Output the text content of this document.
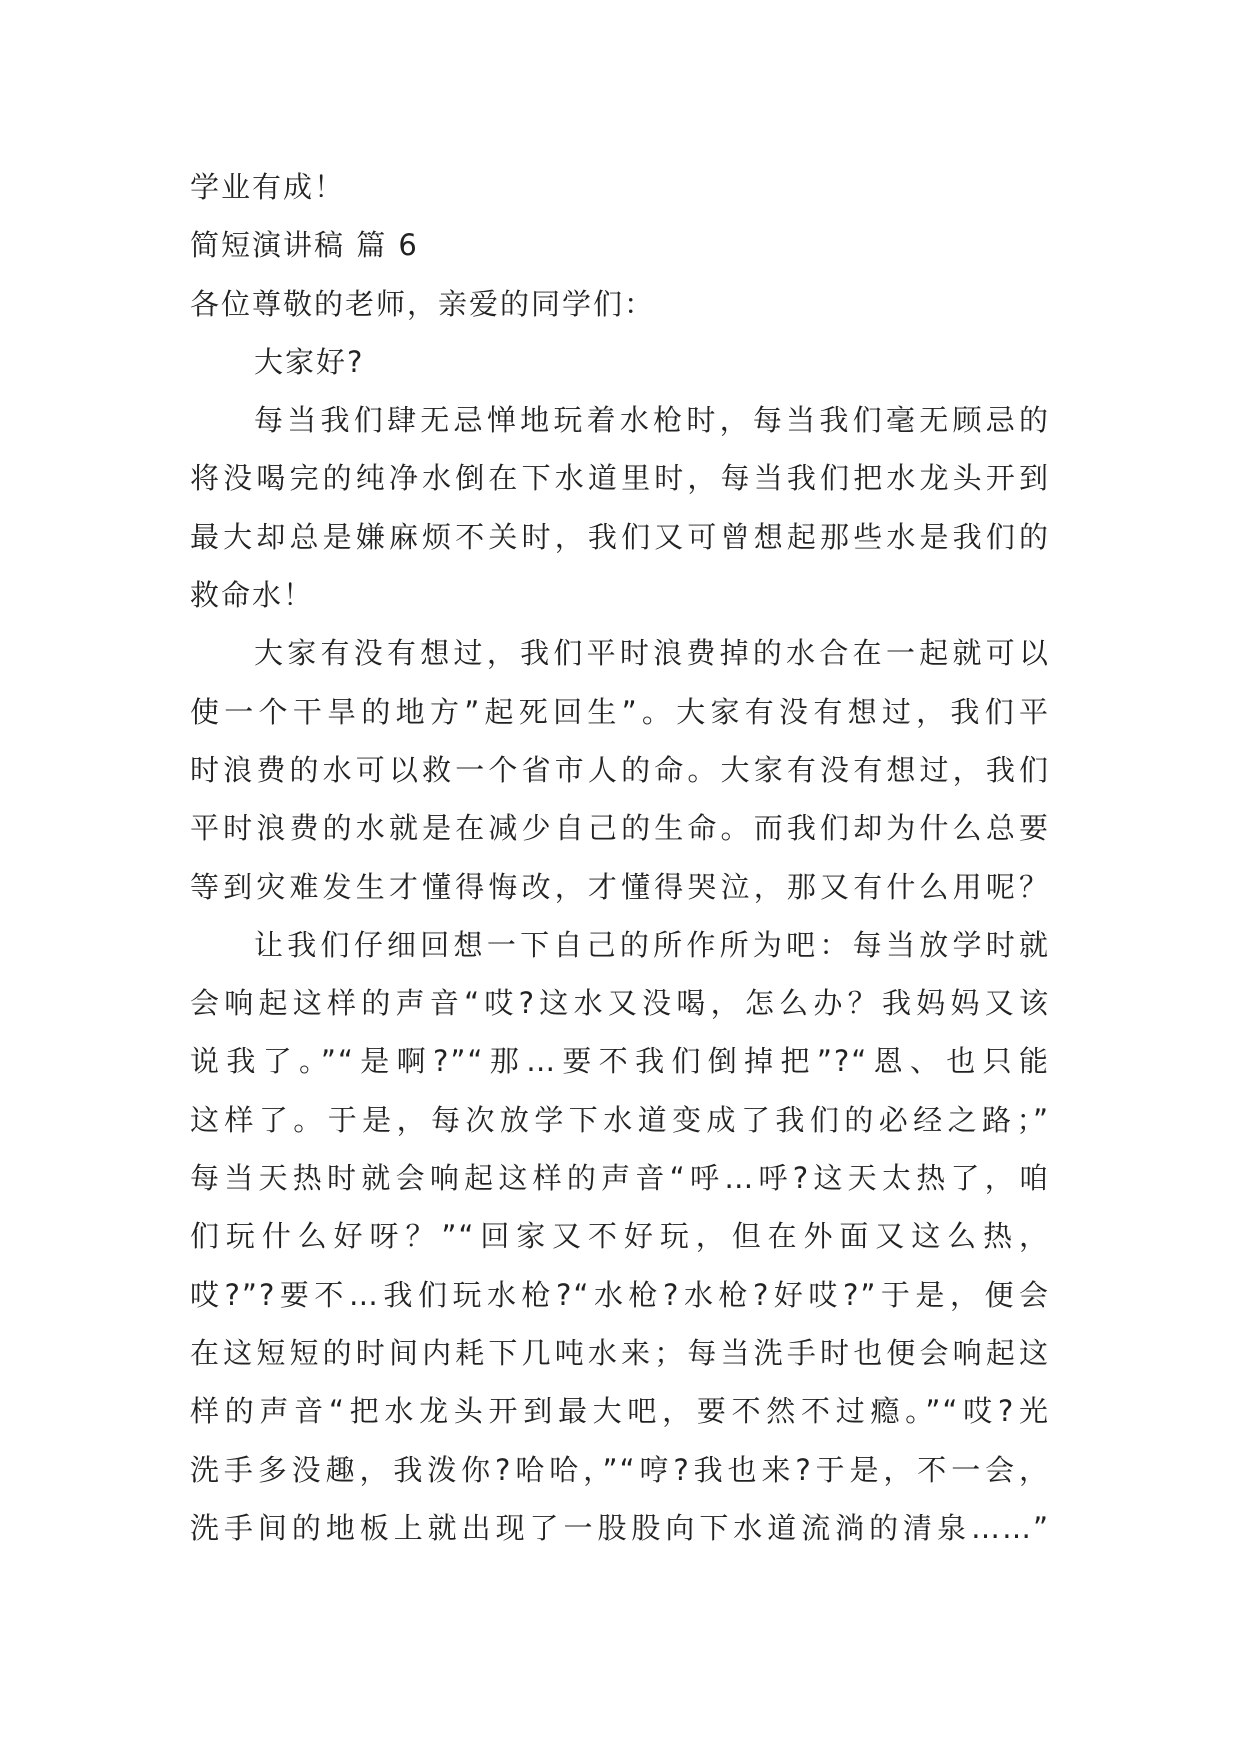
学业有成！
简短演讲稿 篇 6
各位尊敬的老师，亲爱的同学们：
大家好?
每当我们肆无忌惮地玩着水枪时，每当我们毫无顾忌的
将没喝完的纯净水倒在下水道里时，每当我们把水龙头开到
最大却总是嫌麻烦不关时，我们又可曾想起那些水是我们的
救命水！
大家有没有想过，我们平时浪费掉的水合在一起就可以
使一个干旱的地方”起死回生”。大家有没有想过，我们平
时浪费的水可以救一个省市人的命。大家有没有想过，我们
平时浪费的水就是在减少自己的生命。而我们却为什么总要
等到灾难发生才懂得悔改，才懂得哭泣，那又有什么用呢？
让我们仔细回想一下自己的所作所为吧：每当放学时就
会响起这样的声音“哎?这水又没喝，怎么办？我妈妈又该
说我了。”“是啊?”“那…要不我们倒掉把”?“恩、也只能
这样了。于是，每次放学下水道变成了我们的必经之路；”
每当天热时就会响起这样的声音“呼…呼?这天太热了，咱
们玩什么好呀？”“回家又不好玩，但在外面又这么热，
哎?”?要不…我们玩水枪?“水枪?水枪?好哎?”于是，便会
在这短短的时间内耗下几吨水来；每当洗手时也便会响起这
样的声音“把水龙头开到最大吧，要不然不过瘾。”“哎?光
洗手多没趣，我泼你?哈哈，”“哼?我也来?于是，不一会，
洗手间的地板上就出现了一股股向下水道流淌的清泉……”
